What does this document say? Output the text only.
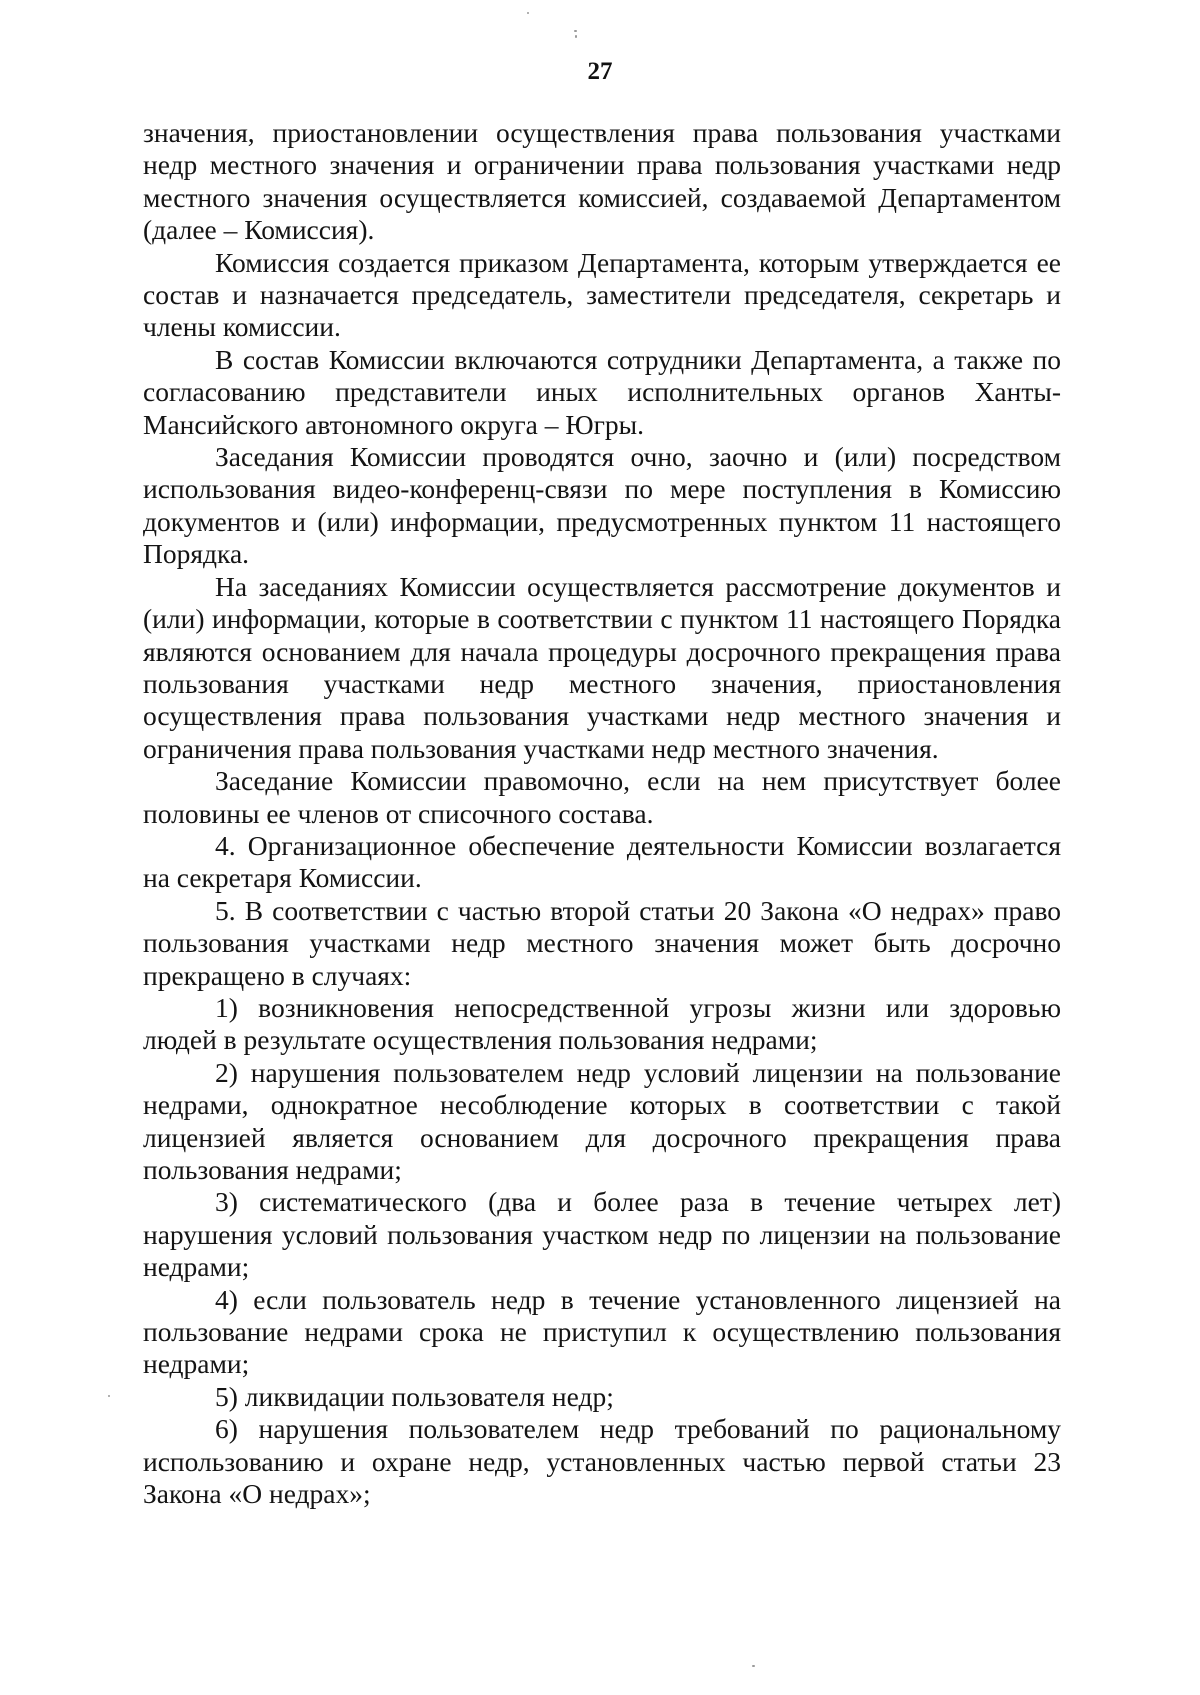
27

значения, приостановлении осуществления права пользования участками недр местного значения и ограничении права пользования участками недр местного значения осуществляется комиссией, создаваемой Департаментом (далее – Комиссия).

Комиссия создается приказом Департамента, которым утверждается ее состав и назначается председатель, заместители председателя, секретарь и члены комиссии.

В состав Комиссии включаются сотрудники Департамента, а также по согласованию представители иных исполнительных органов Ханты-Мансийского автономного округа – Югры.

Заседания Комиссии проводятся очно, заочно и (или) посредством использования видео-конференц-связи по мере поступления в Комиссию документов и (или) информации, предусмотренных пунктом 11 настоящего Порядка.

На заседаниях Комиссии осуществляется рассмотрение документов и (или) информации, которые в соответствии с пунктом 11 настоящего Порядка являются основанием для начала процедуры досрочного прекращения права пользования участками недр местного значения, приостановления осуществления права пользования участками недр местного значения и ограничения права пользования участками недр местного значения.

Заседание Комиссии правомочно, если на нем присутствует более половины ее членов от списочного состава.

4. Организационное обеспечение деятельности Комиссии возлагается на секретаря Комиссии.

5. В соответствии с частью второй статьи 20 Закона «О недрах» право пользования участками недр местного значения может быть досрочно прекращено в случаях:

1) возникновения непосредственной угрозы жизни или здоровью людей в результате осуществления пользования недрами;

2) нарушения пользователем недр условий лицензии на пользование недрами, однократное несоблюдение которых в соответствии с такой лицензией является основанием для досрочного прекращения права пользования недрами;

3) систематического (два и более раза в течение четырех лет) нарушения условий пользования участком недр по лицензии на пользование недрами;

4) если пользователь недр в течение установленного лицензией на пользование недрами срока не приступил к осуществлению пользования недрами;

5) ликвидации пользователя недр;

6) нарушения пользователем недр требований по рациональному использованию и охране недр, установленных частью первой статьи 23 Закона «О недрах»;
